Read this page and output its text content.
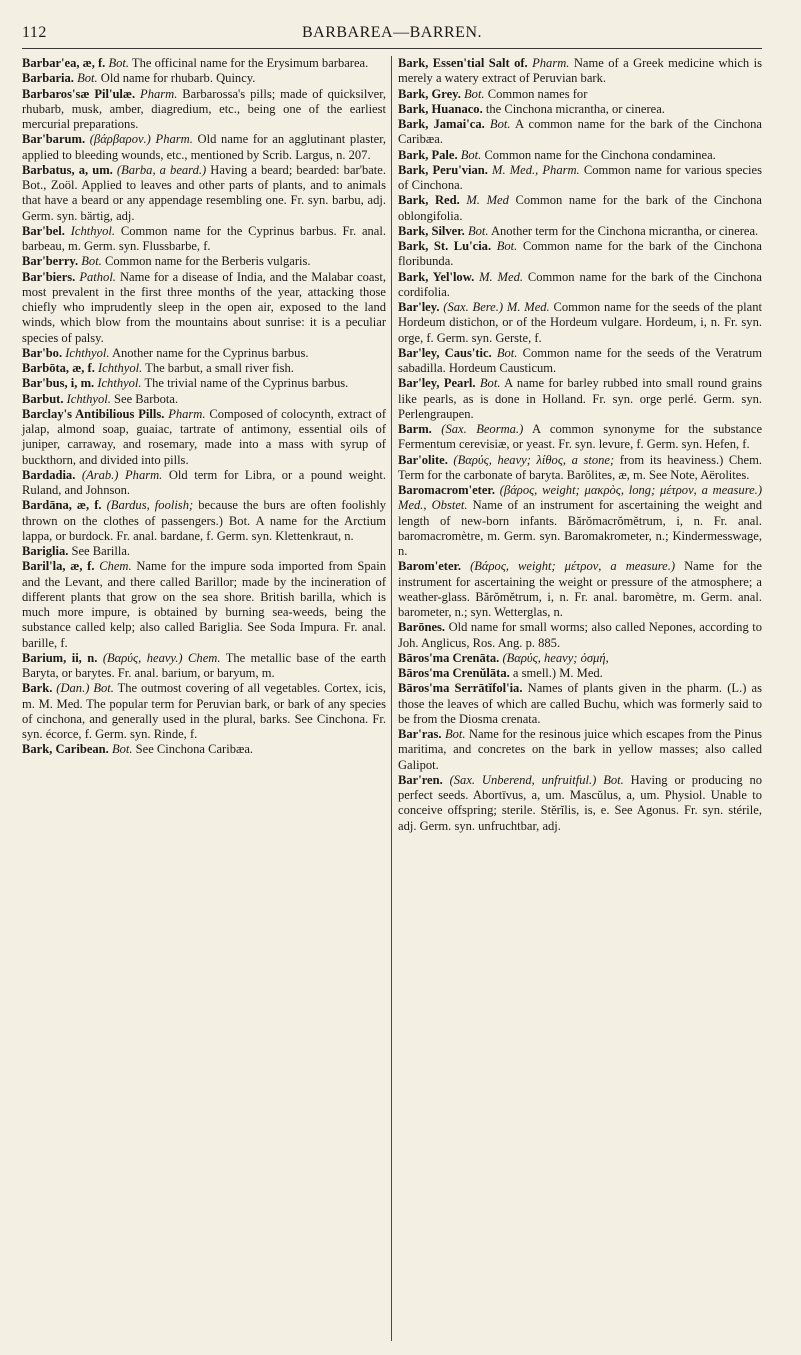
112	BARBAREA—BARREN.

Barbar'ea, æ, f. Bot. The officinal name for the Erysimum barbarea.

Barbaria. Bot. Old name for rhubarb. Quincy.

Barbaros'sæ Pil'ulæ. Pharm. Barbarossa's pills; made of quicksilver, rhubarb, musk, amber, diagredium, etc., being one of the earliest mercurial preparations.

Bar'barum. (βάρβαρον.) Pharm. Old name for an agglutinant plaster, applied to bleeding wounds, etc., mentioned by Scrib. Largus, n. 207.

Barbatus, a, um. (Barba, a beard.) Having a beard; bearded: bar'bate. Bot., Zoöl. Applied to leaves and other parts of plants, and to animals that have a beard or any appendage resembling one. Fr. syn. barbu, adj. Germ. syn. bärtig, adj.

Bar'bel. Ichthyol. Common name for the Cyprinus barbus. Fr. anal. barbeau, m. Germ. syn. Flussbarbe, f.

Bar'berry. Bot. Common name for the Berberis vulgaris.

Bar'biers. Pathol. Name for a disease of India, and the Malabar coast, most prevalent in the first three months of the year, attacking those chiefly who imprudently sleep in the open air, exposed to the land winds, which blow from the mountains about sunrise: it is a peculiar species of palsy.

Bar'bo. Ichthyol. Another name for the Cyprinus barbus.

Barbōta, æ, f. Ichthyol. The barbut, a small river fish.

Bar'bus, i, m. Ichthyol. The trivial name of the Cyprinus barbus.

Barbut. Ichthyol. See Barbota.

Barclay's Antibilious Pills. Pharm. Composed of colocynth, extract of jalap, almond soap, guaiac, tartrate of antimony, essential oils of juniper, carraway, and rosemary, made into a mass with syrup of buckthorn, and divided into pills.

Bardadia. (Arab.) Pharm. Old term for Libra, or a pound weight. Ruland, and Johnson.

Bardāna, æ, f. (Bardus, foolish; because the burs are often foolishly thrown on the clothes of passengers.) Bot. A name for the Arctium lappa, or burdock. Fr. anal. bardane, f. Germ. syn. Klettenkraut, n.

Bariglia. See Barilla.

Baril'la, æ, f. Chem. Name for the impure soda imported from Spain and the Levant, and there called Barillor; made by the incineration of different plants that grow on the sea shore. British barilla, which is much more impure, is obtained by burning sea-weeds, being the substance called kelp; also called Bariglia. See Soda Impura. Fr. anal. barille, f.

Barium, ii, n. (Βαρύς, heavy.) Chem. The metallic base of the earth Baryta, or barytes. Fr. anal. barium, or baryum, m.

Bark. (Dan.) Bot. The outmost covering of all vegetables. Cortex, icis, m. M. Med. The popular term for Peruvian bark, or bark of any species of cinchona, and generally used in the plural, barks. See Cinchona. Fr. syn. écorce, f. Germ. syn. Rinde, f.

Bark, Caribean. Bot. See Cinchona Caribæa.

Bark, Essen'tial Salt of. Pharm. Name of a Greek medicine which is merely a watery extract of Peruvian bark.

Bark, Grey. Bot. Common names for

Bark, Huanaco. the Cinchona micrantha, or cinerea.

Bark, Jamai'ca. Bot. A common name for the bark of the Cinchona Caribæa.

Bark, Pale. Bot. Common name for the Cinchona condaminea.

Bark, Peru'vian. M. Med., Pharm. Common name for various species of Cinchona.

Bark, Red. M. Med Common name for the bark of the Cinchona oblongifolia.

Bark, Silver. Bot. Another term for the Cinchona micrantha, or cinerea.

Bark, St. Lu'cia. Bot. Common name for the bark of the Cinchona floribunda.

Bark, Yel'low. M. Med. Common name for the bark of the Cinchona cordifolia.

Bar'ley. (Sax. Bere.) M. Med. Common name for the seeds of the plant Hordeum distichon, or of the Hordeum vulgare. Hordeum, i, n. Fr. syn. orge, f. Germ. syn. Gerste, f.

Bar'ley, Caus'tic. Bot. Common name for the seeds of the Veratrum sabadilla. Hordeum Causticum.

Bar'ley, Pearl. Bot. A name for barley rubbed into small round grains like pearls, as is done in Holland. Fr. syn. orge perlé. Germ. syn. Perlengraupen.

Barm. (Sax. Beorma.) A common synonyme for the substance Fermentum cerevisiæ, or yeast. Fr. syn. levure, f. Germ. syn. Hefen, f.

Bar'olite. (Βαρύς, heavy; λίθος, a stone; from its heaviness.) Chem. Term for the carbonate of baryta. Barŏlites, æ, m. See Note, Aërolites.

Baromacrom'eter. (βάρος, weight; μακρὸς, long; μέτρον, a measure.) Med., Obstet. Name of an instrument for ascertaining the weight and length of new-born infants. Bărŏmacrŏmĕtrum, i, n. Fr. anal. baromacromètre, m. Germ. syn. Baromakrometer, n.; Kindermesswage, n.

Barom'eter. (Βάρος, weight; μέτρον, a measure.) Name for the instrument for ascertaining the weight or pressure of the atmosphere; a weather-glass. Bărŏmĕtrum, i, n. Fr. anal. baromètre, m. Germ. anal. barometer, n.; syn. Wetterglas, n.

Barōnes. Old name for small worms; also called Nepones, according to Joh. Anglicus, Ros. Ang. p. 885.

Bāros'ma Crenāta. (Βαρύς, heavy; ὀσμή,

Bāros'ma Crenŭlāta. a smell.) M. Med.

Bāros'ma Serrātĭfol'ia. Names of plants given in the pharm. (L.) as those the leaves of which are called Buchu, which was formerly said to be from the Diosma crenata.

Bar'ras. Bot. Name for the resinous juice which escapes from the Pinus maritima, and concretes on the bark in yellow masses; also called Galipot.

Bar'ren. (Sax. Unberend, unfruitful.) Bot. Having or producing no perfect seeds. Abortīvus, a, um. Mascŭlus, a, um. Physiol. Unable to conceive offspring; sterile. Stĕrĭlis, is, e. See Agonus. Fr. syn. stérile, adj. Germ. syn. unfruchtbar, adj.
